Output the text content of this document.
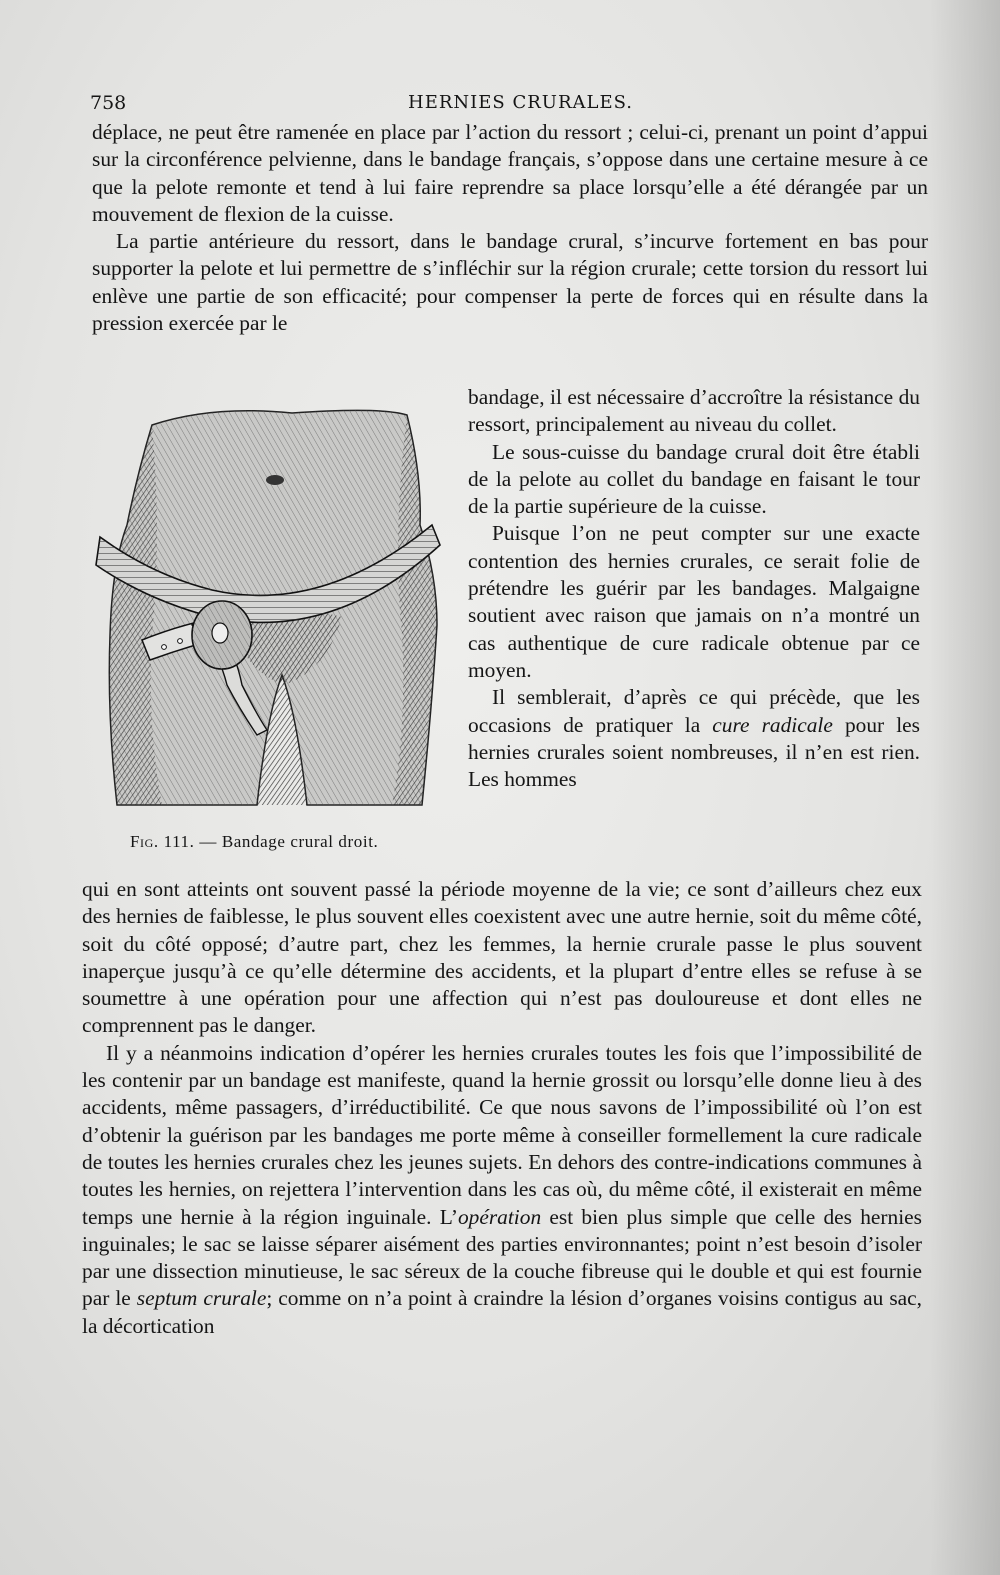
758	HERNIES CRURALES.

déplace, ne peut être ramenée en place par l’action du ressort ; celui-ci, prenant un point d’appui sur la circonférence pelvienne, dans le bandage français, s’oppose dans une certaine mesure à ce que la pelote remonte et tend à lui faire reprendre sa place lorsqu’elle a été dérangée par un mouvement de flexion de la cuisse.

La partie antérieure du ressort, dans le bandage crural, s’incurve fortement en bas pour supporter la pelote et lui permettre de s’infléchir sur la région crurale; cette torsion du ressort lui enlève une partie de son efficacité; pour compenser la perte de forces qui en résulte dans la pression exercée par le

Fig. 111. — Bandage crural droit.

bandage, il est nécessaire d’accroître la résistance du ressort, principalement au niveau du collet.

Le sous-cuisse du bandage crural doit être établi de la pelote au collet du bandage en faisant le tour de la partie supérieure de la cuisse.

Puisque l’on ne peut compter sur une exacte contention des hernies crurales, ce serait folie de prétendre les guérir par les bandages. Malgaigne soutient avec raison que jamais on n’a montré un cas authentique de cure radicale obtenue par ce moyen.

Il semblerait, d’après ce qui précède, que les occasions de pratiquer la cure radicale pour les hernies crurales soient nombreuses, il n’en est rien. Les hommes

qui en sont atteints ont souvent passé la période moyenne de la vie; ce sont d’ailleurs chez eux des hernies de faiblesse, le plus souvent elles coexistent avec une autre hernie, soit du même côté, soit du côté opposé; d’autre part, chez les femmes, la hernie crurale passe le plus souvent inaperçue jusqu’à ce qu’elle détermine des accidents, et la plupart d’entre elles se refuse à se soumettre à une opération pour une affection qui n’est pas douloureuse et dont elles ne comprennent pas le danger.

Il y a néanmoins indication d’opérer les hernies crurales toutes les fois que l’impossibilité de les contenir par un bandage est manifeste, quand la hernie grossit ou lorsqu’elle donne lieu à des accidents, même passagers, d’irréductibilité. Ce que nous savons de l’impossibilité où l’on est d’obtenir la guérison par les bandages me porte même à conseiller formellement la cure radicale de toutes les hernies crurales chez les jeunes sujets. En dehors des contre-indications communes à toutes les hernies, on rejettera l’intervention dans les cas où, du même côté, il existerait en même temps une hernie à la région inguinale. L’opération est bien plus simple que celle des hernies inguinales; le sac se laisse séparer aisément des parties environnantes; point n’est besoin d’isoler par une dissection minutieuse, le sac séreux de la couche fibreuse qui le double et qui est fournie par le septum crurale; comme on n’a point à craindre la lésion d’organes voisins contigus au sac, la décortication
